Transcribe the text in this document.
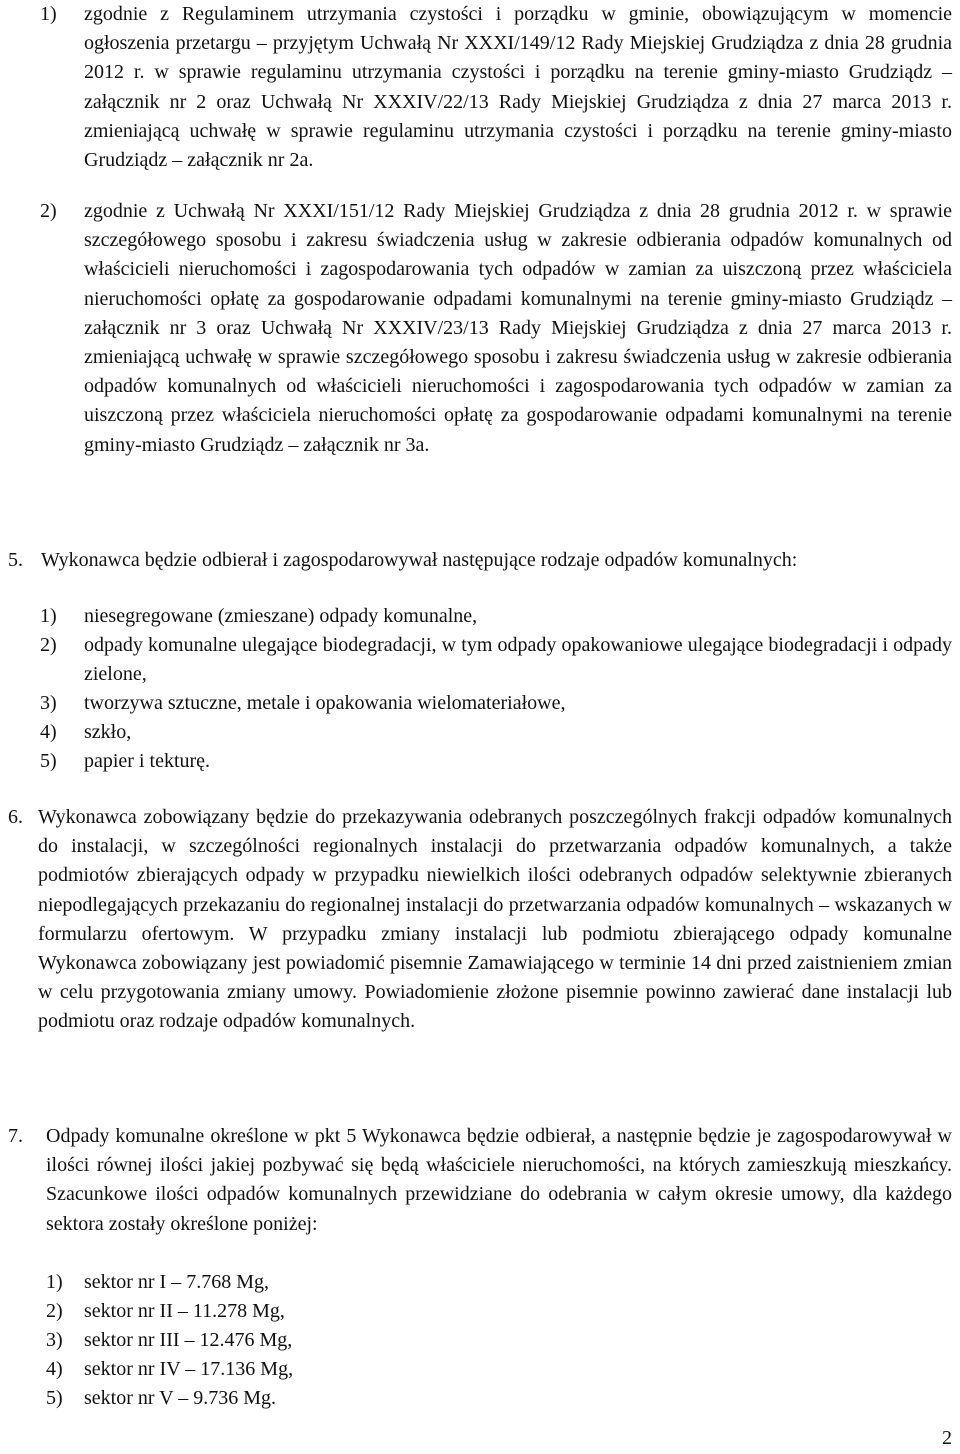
1)	zgodnie z Regulaminem utrzymania czystości i porządku w gminie, obowiązującym w momencie ogłoszenia przetargu – przyjętym Uchwałą Nr XXXI/149/12 Rady Miejskiej Grudziądza z dnia 28 grudnia 2012 r. w sprawie regulaminu utrzymania czystości i porządku na terenie gminy-miasto Grudziądz – załącznik nr 2 oraz Uchwałą Nr XXXIV/22/13 Rady Miejskiej Grudziądza z dnia 27 marca 2013 r. zmieniającą uchwałę w sprawie regulaminu utrzymania czystości i porządku na terenie gminy-miasto Grudziądz – załącznik nr 2a.
2)	zgodnie z Uchwałą Nr XXXI/151/12 Rady Miejskiej Grudziądza z dnia 28 grudnia 2012 r. w sprawie szczegółowego sposobu i zakresu świadczenia usług w zakresie odbierania odpadów komunalnych od właścicieli nieruchomości i zagospodarowania tych odpadów w zamian za uiszczoną przez właściciela nieruchomości opłatę za gospodarowanie odpadami komunalnymi na terenie gminy-miasto Grudziądz – załącznik nr 3 oraz Uchwałą Nr XXXIV/23/13 Rady Miejskiej Grudziądza z dnia 27 marca 2013 r. zmieniającą uchwałę w sprawie szczegółowego sposobu i zakresu świadczenia usług w zakresie odbierania odpadów komunalnych od właścicieli nieruchomości i zagospodarowania tych odpadów w zamian za uiszczoną przez właściciela nieruchomości opłatę za gospodarowanie odpadami komunalnymi na terenie gminy-miasto Grudziądz – załącznik nr 3a.
5. Wykonawca będzie odbierał i zagospodarowywał następujące rodzaje odpadów komunalnych:
1)	niesegregowane (zmieszane) odpady komunalne,
2)	odpady komunalne ulegające biodegradacji, w tym odpady opakowaniowe ulegające biodegradacji i odpady zielone,
3)	tworzywa sztuczne, metale i opakowania wielomateriałowe,
4)	szkło,
5)	papier i tekturę.
6. Wykonawca zobowiązany będzie do przekazywania odebranych poszczególnych frakcji odpadów komunalnych do instalacji, w szczególności regionalnych instalacji do przetwarzania odpadów komunalnych, a także podmiotów zbierających odpady w przypadku niewielkich ilości odebranych odpadów selektywnie zbieranych niepodlegających przekazaniu do regionalnej instalacji do przetwarzania odpadów komunalnych – wskazanych w formularzu ofertowym. W przypadku zmiany instalacji lub podmiotu zbierającego odpady komunalne Wykonawca zobowiązany jest powiadomić pisemnie Zamawiającego w terminie 14 dni przed zaistnieniem zmian w celu przygotowania zmiany umowy. Powiadomienie złożone pisemnie powinno zawierać dane instalacji lub podmiotu oraz rodzaje odpadów komunalnych.
7.	Odpady komunalne określone w pkt 5 Wykonawca będzie odbierał, a następnie będzie je zagospodarowywał w ilości równej ilości jakiej pozbywać się będą właściciele nieruchomości, na których zamieszkują mieszkańcy. Szacunkowe ilości odpadów komunalnych przewidziane do odebrania w całym okresie umowy, dla każdego sektora zostały określone poniżej:
1)	sektor nr I – 7.768 Mg,
2)	sektor nr II – 11.278 Mg,
3)	sektor nr III – 12.476 Mg,
4)	sektor nr IV – 17.136 Mg,
5)	sektor nr V – 9.736 Mg.
2
